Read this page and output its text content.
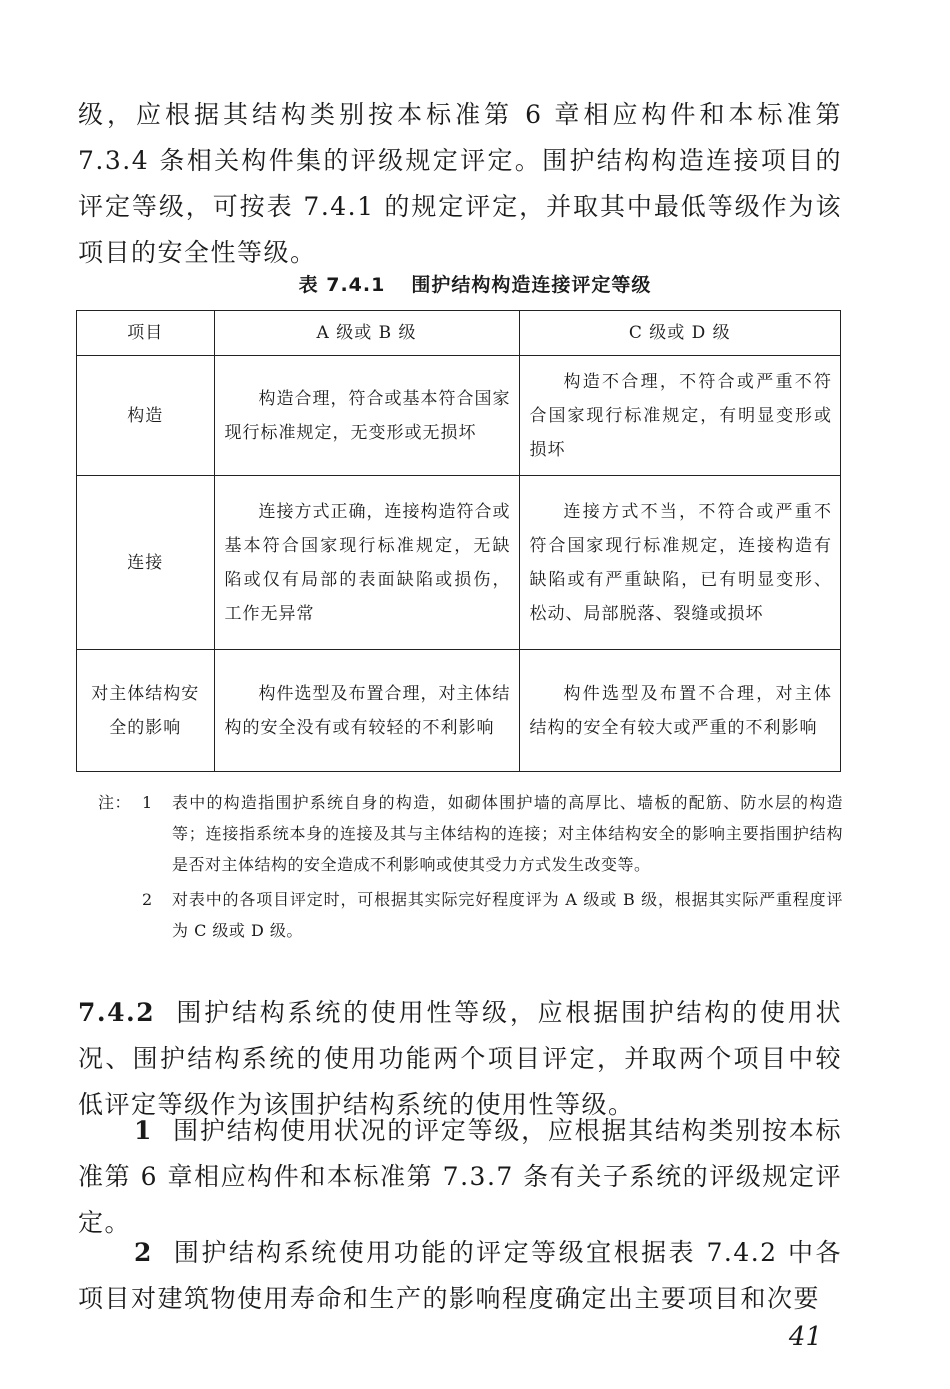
级，应根据其结构类别按本标准第 6 章相应构件和本标准第 7.3.4 条相关构件集的评级规定评定。围护结构构造连接项目的评定等级，可按表 7.4.1 的规定评定，并取其中最低等级作为该项目的安全性等级。

表 7.4.1 围护结构构造连接评定等级
项目	A 级或 B 级	C 级或 D 级
构造	构造合理，符合或基本符合国家现行标准规定，无变形或无损坏	构造不合理，不符合或严重不符合国家现行标准规定，有明显变形或损坏
连接	连接方式正确，连接构造符合或基本符合国家现行标准规定，无缺陷或仅有局部的表面缺陷或损伤，工作无异常	连接方式不当，不符合或严重不符合国家现行标准规定，连接构造有缺陷或有严重缺陷，已有明显变形、松动、局部脱落、裂缝或损坏
对主体结构安全的影响	构件选型及布置合理，对主体结构的安全没有或有较轻的不利影响	构件选型及布置不合理，对主体结构的安全有较大或严重的不利影响
注： 1	表中的构造指围护系统自身的构造，如砌体围护墙的高厚比、墙板的配筋、防水层的构造等；连接指系统本身的连接及其与主体结构的连接；对主体结构安全的影响主要指围护结构是否对主体结构的安全造成不利影响或使其受力方式发生改变等。
2	对表中的各项目评定时，可根据其实际完好程度评为 A 级或 B 级，根据其实际严重程度评为 C 级或 D 级。

7.4.2 围护结构系统的使用性等级，应根据围护结构的使用状况、围护结构系统的使用功能两个项目评定，并取两个项目中较低评定等级作为该围护结构系统的使用性等级。

1 围护结构使用状况的评定等级，应根据其结构类别按本标准第 6 章相应构件和本标准第 7.3.7 条有关子系统的评级规定评定。

2 围护结构系统使用功能的评定等级宜根据表 7.4.2 中各项目对建筑物使用寿命和生产的影响程度确定出主要项目和次要

41
